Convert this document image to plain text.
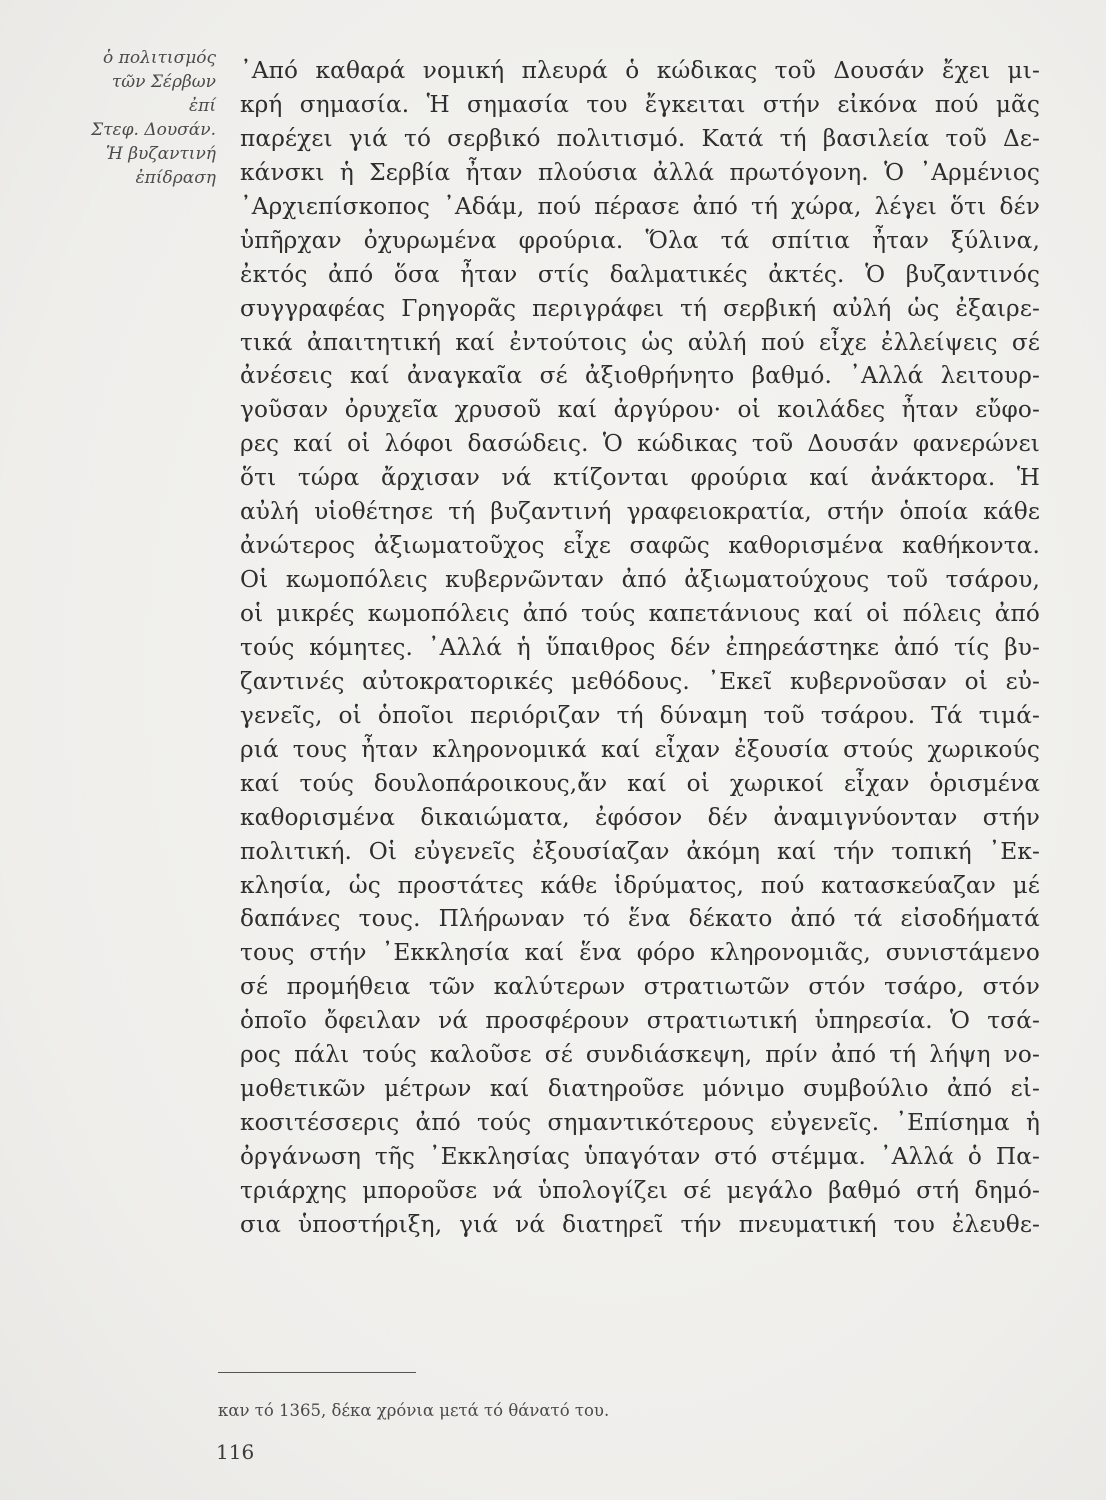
ὁ πολιτισμός
τῶν Σέρβων
ἐπί
Στεφ. Δουσάν.
Ἡ βυζαντινή
ἐπίδραση
᾿Από καθαρά νομική πλευρά ὁ κώδικας τοῦ Δουσάν ἔχει μι-
κρή σημασία. Ἡ σημασία του ἔγκειται στήν εἰκόνα πού μᾶς
παρέχει γιά τό σερβικό πολιτισμό. Κατά τή βασιλεία τοῦ Δε-
κάνσκι ἡ Σερβία ἦταν πλούσια ἀλλά πρωτόγονη. Ὁ ᾿Αρμένιος
᾿Αρχιεπίσκοπος ᾿Αδάμ, πού πέρασε ἀπό τή χώρα, λέγει ὅτι δέν
ὑπῆρχαν ὀχυρωμένα φρούρια. Ὅλα τά σπίτια ἦταν ξύλινα,
ἐκτός ἀπό ὅσα ἦταν στίς δαλματικές ἀκτές. Ὁ βυζαντινός
συγγραφέας Γρηγορᾶς περιγράφει τή σερβική αὐλή ὡς ἐξαιρε-
τικά ἀπαιτητική καί ἐντούτοις ὡς αὐλή πού εἶχε ἐλλείψεις σέ
ἀνέσεις καί ἀναγκαῖα σέ ἀξιοθρήνητο βαθμό. ᾿Αλλά λειτουρ-
γοῦσαν ὀρυχεῖα χρυσοῦ καί ἀργύρου· οἱ κοιλάδες ἦταν εὔφο-
ρες καί οἱ λόφοι δασώδεις. Ὁ κώδικας τοῦ Δουσάν φανερώνει
ὅτι τώρα ἄρχισαν νά κτίζονται φρούρια καί ἀνάκτορα. Ἡ
αὐλή υἱοθέτησε τή βυζαντινή γραφειοκρατία, στήν ὁποία κάθε
ἀνώτερος ἀξιωματοῦχος εἶχε σαφῶς καθορισμένα καθήκοντα.
Οἱ κωμοπόλεις κυβερνῶνταν ἀπό ἀξιωματούχους τοῦ τσάρου,
οἱ μικρές κωμοπόλεις ἀπό τούς καπετάνιους καί οἱ πόλεις ἀπό
τούς κόμητες. ᾿Αλλά ἡ ὕπαιθρος δέν ἐπηρεάστηκε ἀπό τίς βυ-
ζαντινές αὐτοκρατορικές μεθόδους. ᾿Εκεῖ κυβερνοῦσαν οἱ εὐ-
γενεῖς, οἱ ὁποῖοι περιόριζαν τή δύναμη τοῦ τσάρου. Τά τιμά-
ριά τους ἦταν κληρονομικά καί εἶχαν ἐξουσία στούς χωρικούς
καί τούς δουλοπάροικους,ἄν καί οἱ χωρικοί εἶχαν ὁρισμένα
καθορισμένα δικαιώματα, ἐφόσον δέν ἀναμιγνύονταν στήν
πολιτική. Οἱ εὐγενεῖς ἐξουσίαζαν ἀκόμη καί τήν τοπική ᾿Εκ-
κλησία, ὡς προστάτες κάθε ἱδρύματος, πού κατασκεύαζαν μέ
δαπάνες τους. Πλήρωναν τό ἕνα δέκατο ἀπό τά εἰσοδήματά
τους στήν ᾿Εκκλησία καί ἕνα φόρο κληρονομιᾶς, συνιστάμενο
σέ προμήθεια τῶν καλύτερων στρατιωτῶν στόν τσάρο, στόν
ὁποῖο ὄφειλαν νά προσφέρουν στρατιωτική ὑπηρεσία. Ὁ τσά-
ρος πάλι τούς καλοῦσε σέ συνδιάσκεψη, πρίν ἀπό τή λήψη νο-
μοθετικῶν μέτρων καί διατηροῦσε μόνιμο συμβούλιο ἀπό εἰ-
κοσιτέσσερις ἀπό τούς σημαντικότερους εὐγενεῖς. ᾿Επίσημα ἡ
ὀργάνωση τῆς ᾿Εκκλησίας ὑπαγόταν στό στέμμα. ᾿Αλλά ὁ Πα-
τριάρχης μποροῦσε νά ὑπολογίζει σέ μεγάλο βαθμό στή δημό-
σια ὑποστήριξη, γιά νά διατηρεῖ τήν πνευματική του ἐλευθε-
καν τό 1365, δέκα χρόνια μετά τό θάνατό του.
116
